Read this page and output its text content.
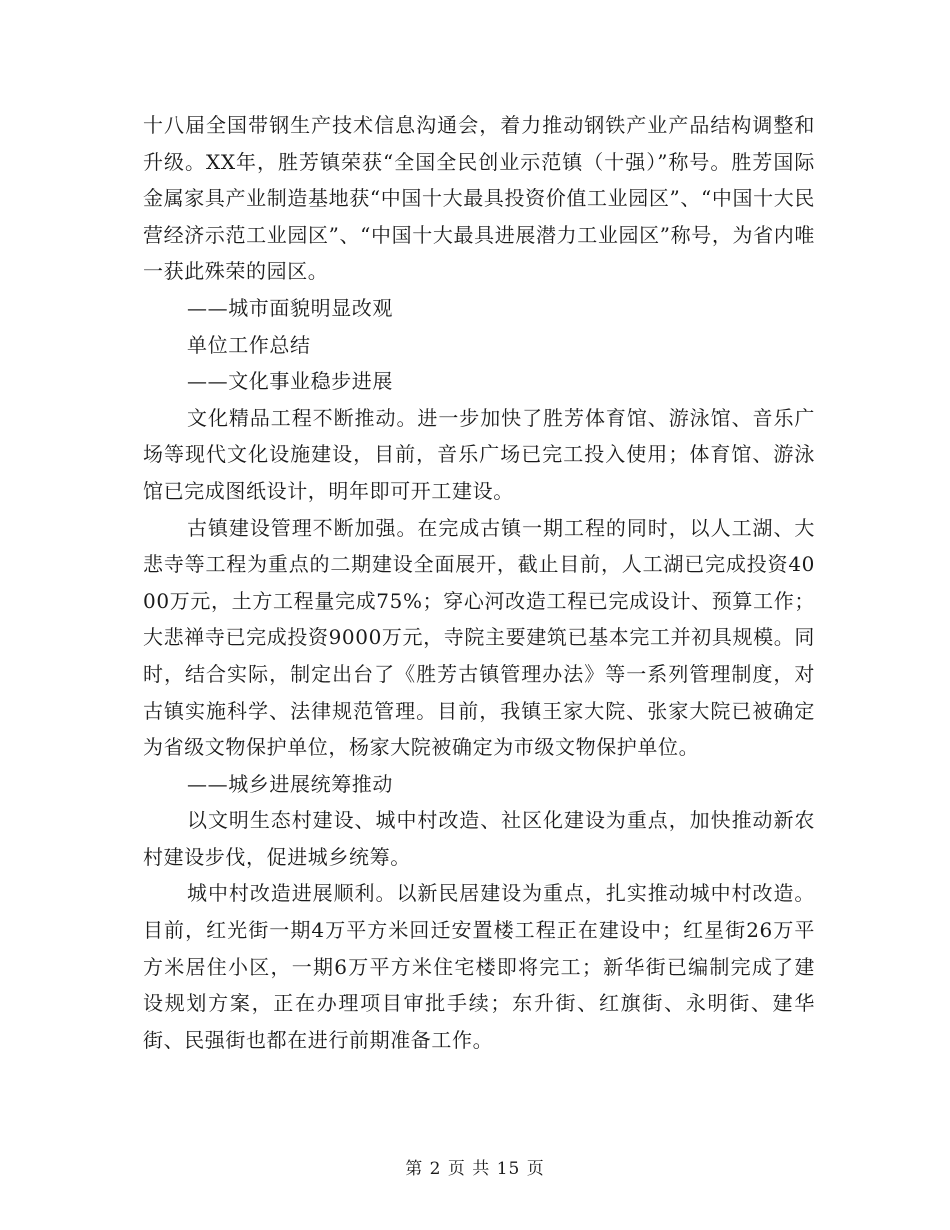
十八届全国带钢生产技术信息沟通会，着力推动钢铁产业产品结构调整和升级。XX年，胜芳镇荣获“全国全民创业示范镇（十强）”称号。胜芳国际金属家具产业制造基地获“中国十大最具投资价值工业园区”、“中国十大民营经济示范工业园区”、“中国十大最具进展潜力工业园区”称号，为省内唯一获此殊荣的园区。

——城市面貌明显改观

单位工作总结

——文化事业稳步进展

文化精品工程不断推动。进一步加快了胜芳体育馆、游泳馆、音乐广场等现代文化设施建设，目前，音乐广场已完工投入使用；体育馆、游泳馆已完成图纸设计，明年即可开工建设。

古镇建设管理不断加强。在完成古镇一期工程的同时，以人工湖、大悲寺等工程为重点的二期建设全面展开，截止目前，人工湖已完成投资4000万元，土方工程量完成75%；穿心河改造工程已完成设计、预算工作；大悲禅寺已完成投资9000万元，寺院主要建筑已基本完工并初具规模。同时，结合实际，制定出台了《胜芳古镇管理办法》等一系列管理制度，对古镇实施科学、法律规范管理。目前，我镇王家大院、张家大院已被确定为省级文物保护单位，杨家大院被确定为市级文物保护单位。

——城乡进展统筹推动

以文明生态村建设、城中村改造、社区化建设为重点，加快推动新农村建设步伐，促进城乡统筹。

城中村改造进展顺利。以新民居建设为重点，扎实推动城中村改造。目前，红光街一期4万平方米回迁安置楼工程正在建设中；红星街26万平方米居住小区，一期6万平方米住宅楼即将完工；新华街已编制完成了建设规划方案，正在办理项目审批手续；东升街、红旗街、永明街、建华街、民强街也都在进行前期准备工作。

第 2 页 共 15 页
